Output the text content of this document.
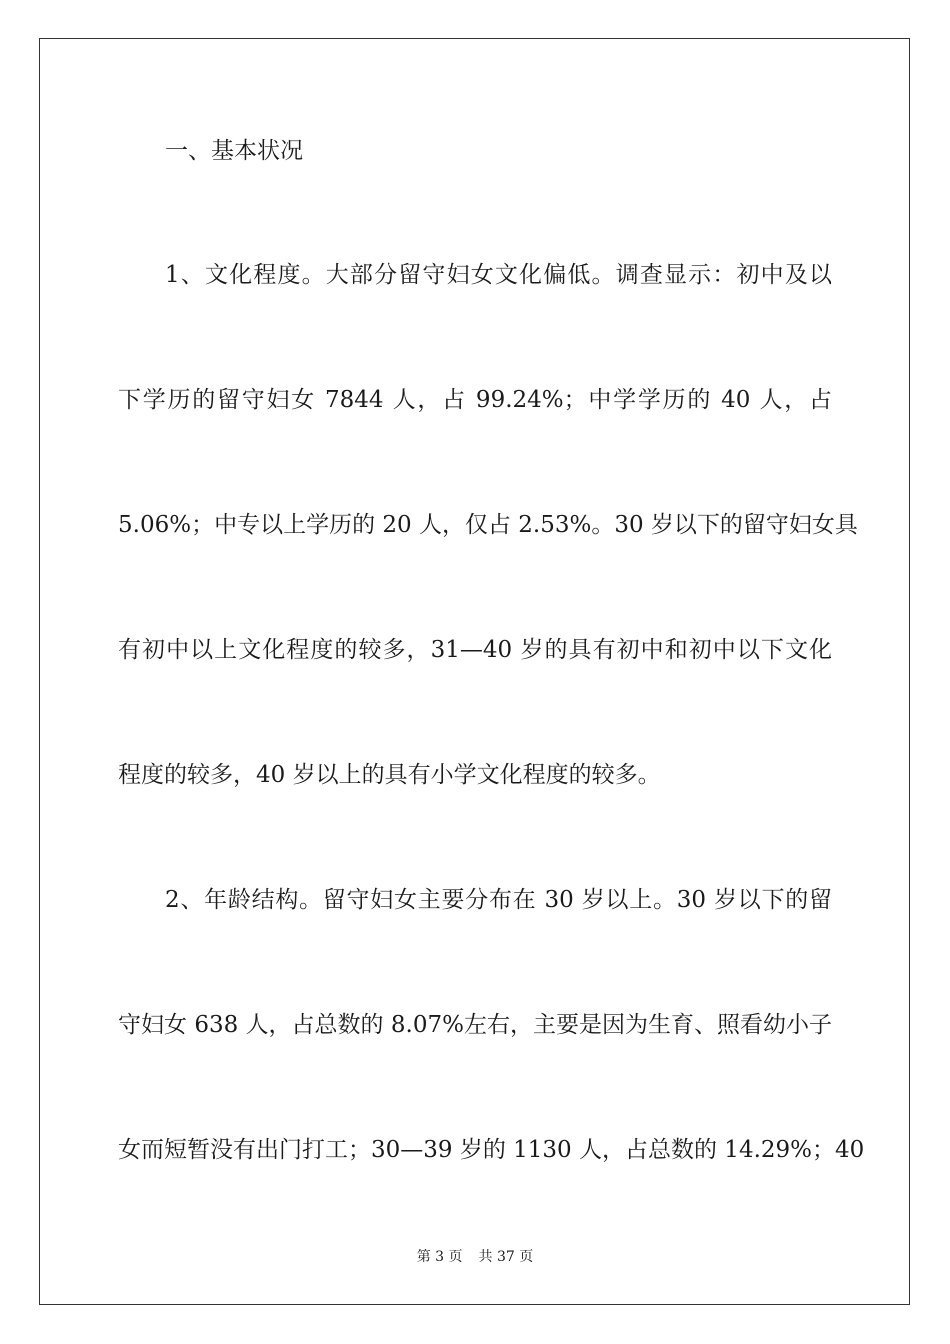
一、基本状况
1、文化程度。大部分留守妇女文化偏低。调查显示：初中及以
下学历的留守妇女 7844 人，占 99.24%；中学学历的 40 人，占
5.06%；中专以上学历的 20 人，仅占 2.53%。30 岁以下的留守妇女具
有初中以上文化程度的较多，31—40 岁的具有初中和初中以下文化
程度的较多，40 岁以上的具有小学文化程度的较多。
2、年龄结构。留守妇女主要分布在 30 岁以上。30 岁以下的留
守妇女 638 人，占总数的 8.07%左右，主要是因为生育、照看幼小子
女而短暂没有出门打工；30—39 岁的 1130 人，占总数的 14.29%；40
第 3 页 共 37 页
